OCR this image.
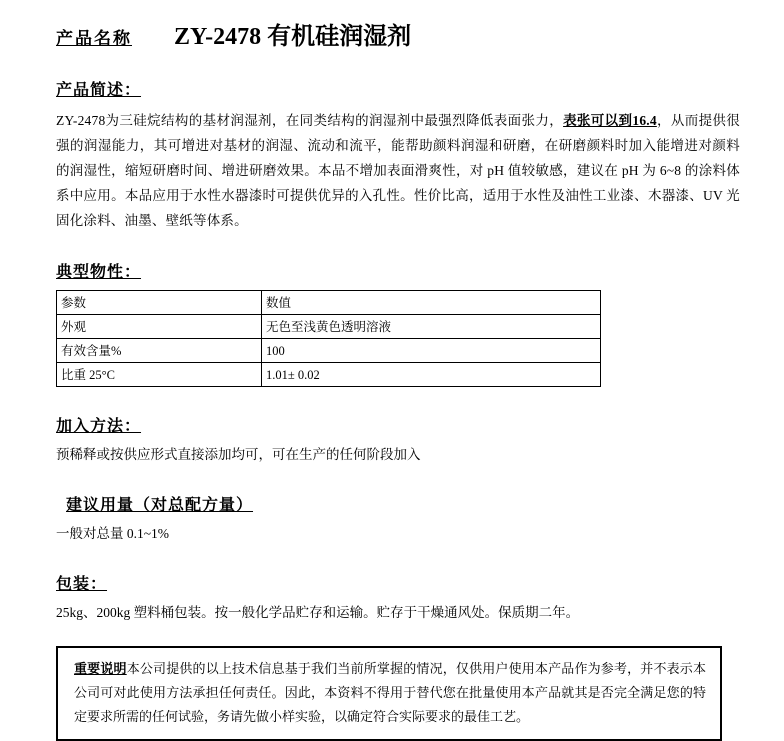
产品名称 ZY-2478 有机硅润湿剂
产品简述：
ZY-2478为三硅烷结构的基材润湿剂，在同类结构的润湿剂中最强烈降低表面张力，表张可以到16.4，从而提供很强的润湿能力，其可增进对基材的润湿、流动和流平，能帮助颜料润湿和研磨，在研磨颜料时加入能增进对颜料的润湿性，缩短研磨时间、增进研磨效果。本品不增加表面滑爽性，对 pH 值较敏感，建议在 pH 为 6~8 的涂料体系中应用。本品应用于水性水器漆时可提供优异的入孔性。性价比高，适用于水性及油性工业漆、木器漆、UV 光固化涂料、油墨、壁纸等体系。
典型物性：
参数	数值
外观	无色至浅黄色透明溶液
有效含量%	100
比重 25°C	1.01± 0.02
加入方法：
预稀释或按供应形式直接添加均可，可在生产的任何阶段加入
建议用量（对总配方量）
一般对总量 0.1~1%
包装：
25kg、200kg 塑料桶包装。按一般化学品贮存和运输。贮存于干燥通风处。保质期二年。

重要说明本公司提供的以上技术信息基于我们当前所掌握的情况，仅供用户使用本产品作为参考，并不表示本公司可对此使用方法承担任何责任。因此，本资料不得用于替代您在批量使用本产品就其是否完全满足您的特定要求所需的任何试验，务请先做小样实验，以确定符合实际要求的最佳工艺。
